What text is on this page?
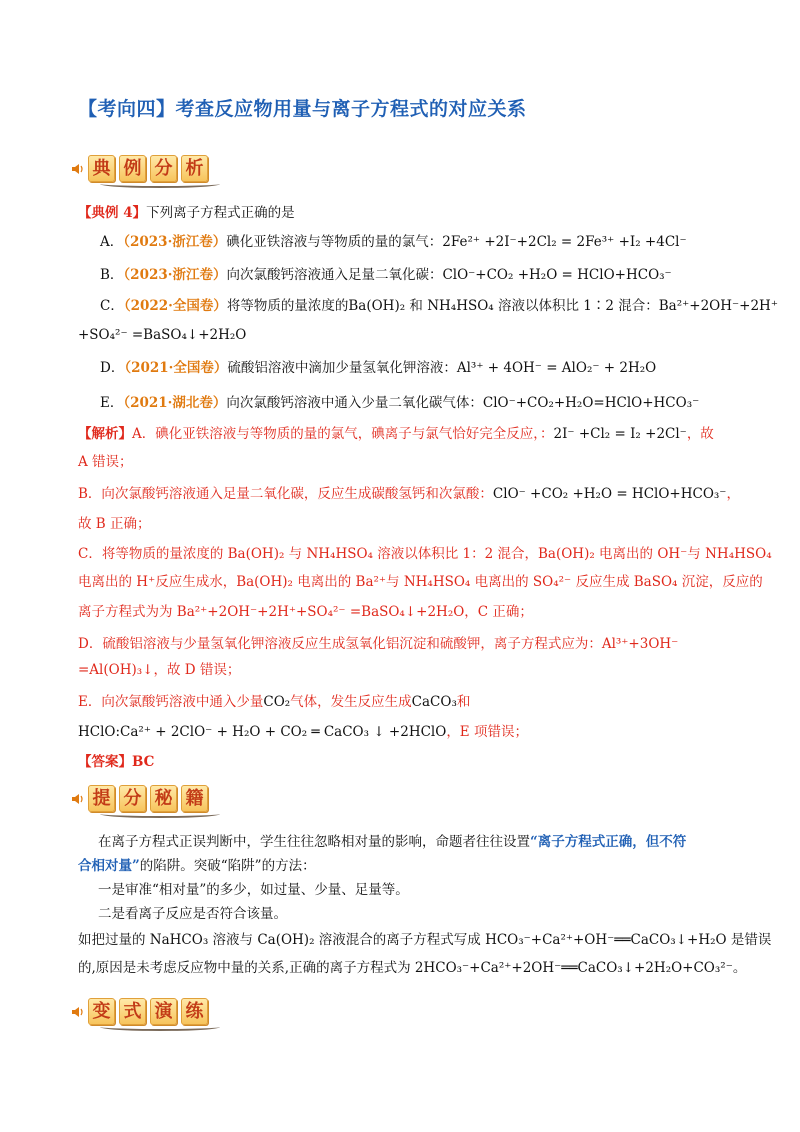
【考向四】考查反应物用量与离子方程式的对应关系
典 例 分 析
【典例 4】下列离子方程式正确的是
A．（2023·浙江卷）碘化亚铁溶液与等物质的量的氯气：2Fe²⁺ +2I⁻+2Cl₂ = 2Fe³⁺ +I₂ +4Cl⁻
B．（2023·浙江卷）向次氯酸钙溶液通入足量二氧化碳：ClO⁻+CO₂ +H₂O = HClO+HCO₃⁻
C．（2022·全国卷）将等物质的量浓度的Ba(OH)₂ 和 NH₄HSO₄ 溶液以体积比 1∶2 混合：Ba²⁺+2OH⁻+2H⁺
+SO₄²⁻ =BaSO₄↓+2H₂O
D．（2021·全国卷）硫酸铝溶液中滴加少量氢氧化钾溶液：Al³⁺ + 4OH⁻ = AlO₂⁻ + 2H₂O
E．（2021·湖北卷）向次氯酸钙溶液中通入少量二氧化碳气体：ClO⁻+CO₂+H₂O=HClO+HCO₃⁻
【解析】A．碘化亚铁溶液与等物质的量的氯气，碘离子与氯气恰好完全反应，：2I⁻ +Cl₂ = I₂ +2Cl⁻，故
A 错误；
B．向次氯酸钙溶液通入足量二氧化碳，反应生成碳酸氢钙和次氯酸：ClO⁻ +CO₂ +H₂O = HClO+HCO₃⁻，
故 B 正确；
C．将等物质的量浓度的 Ba(OH)₂ 与 NH₄HSO₄ 溶液以体积比 1：2 混合，Ba(OH)₂ 电离出的 OH⁻与 NH₄HSO₄
电离出的 H⁺反应生成水，Ba(OH)₂ 电离出的 Ba²⁺与 NH₄HSO₄ 电离出的 SO₄²⁻ 反应生成 BaSO₄ 沉淀，反应的
离子方程式为为 Ba²⁺+2OH⁻+2H⁺+SO₄²⁻ =BaSO₄↓+2H₂O，C 正确；
D．硫酸铝溶液与少量氢氧化钾溶液反应生成氢氧化铝沉淀和硫酸钾，离子方程式应为：Al³⁺+3OH⁻
=Al(OH)₃↓，故 D 错误；
E．向次氯酸钙溶液中通入少量CO₂气体，发生反应生成CaCO₃和
HClO:Ca²⁺ + 2ClO⁻ + H₂O + CO₂ ═ CaCO₃ ↓ +2HClO，E 项错误；
【答案】BC
提 分 秘 籍
在离子方程式正误判断中，学生往往忽略相对量的影响，命题者往往设置“离子方程式正确，但不符
合相对量”的陷阱。突破“陷阱”的方法：
一是审准“相对量”的多少，如过量、少量、足量等。
二是看离子反应是否符合该量。
如把过量的 NaHCO₃ 溶液与 Ca(OH)₂ 溶液混合的离子方程式写成 HCO₃⁻+Ca²⁺+OH⁻══CaCO₃↓+H₂O 是错误
的,原因是未考虑反应物中量的关系,正确的离子方程式为 2HCO₃⁻+Ca²⁺+2OH⁻══CaCO₃↓+2H₂O+CO₃²⁻。
变 式 演 练
